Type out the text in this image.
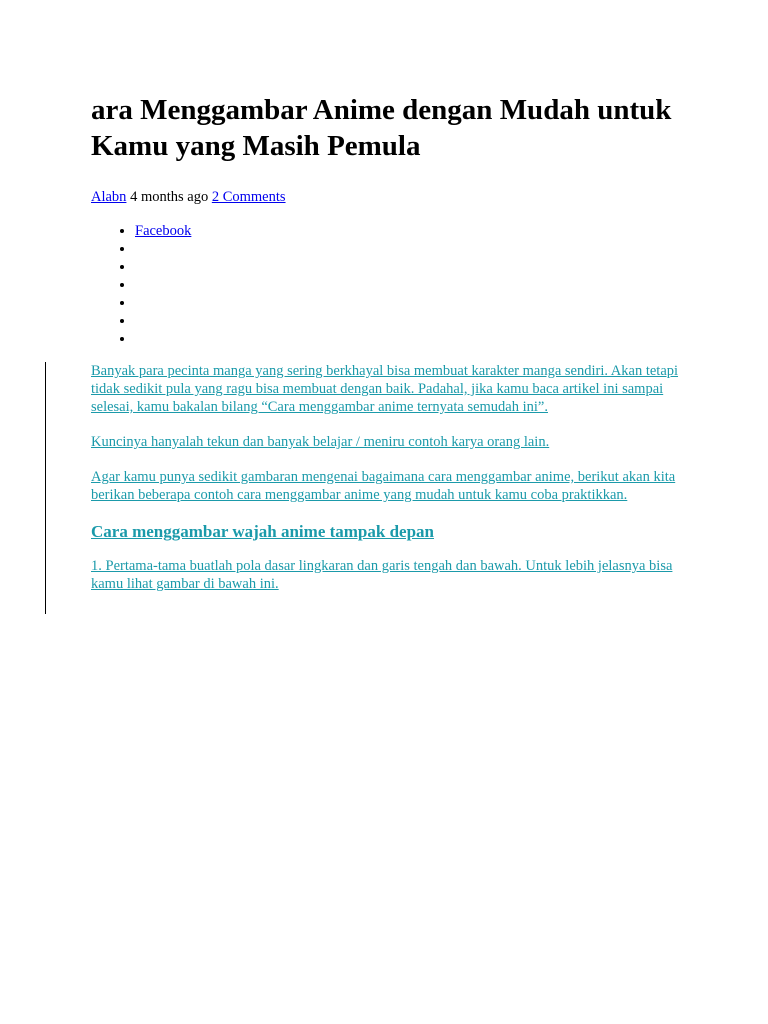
ara Menggambar Anime dengan Mudah untuk Kamu yang Masih Pemula
Alabn 4 months ago 2 Comments
• Facebook
•
•
•
•
•
•

Banyak para pecinta manga yang sering berkhayal bisa membuat karakter manga sendiri. Akan tetapi tidak sedikit pula yang ragu bisa membuat dengan baik. Padahal, jika kamu baca artikel ini sampai selesai, kamu bakalan bilang “Cara menggambar anime ternyata semudah ini”.

Kuncinya hanyalah tekun dan banyak belajar / meniru contoh karya orang lain.

Agar kamu punya sedikit gambaran mengenai bagaimana cara menggambar anime, berikut akan kita berikan beberapa contoh cara menggambar anime yang mudah untuk kamu coba praktikkan.

Cara menggambar wajah anime tampak depan

1. Pertama-tama buatlah pola dasar lingkaran dan garis tengah dan bawah. Untuk lebih jelasnya bisa kamu lihat gambar di bawah ini.
